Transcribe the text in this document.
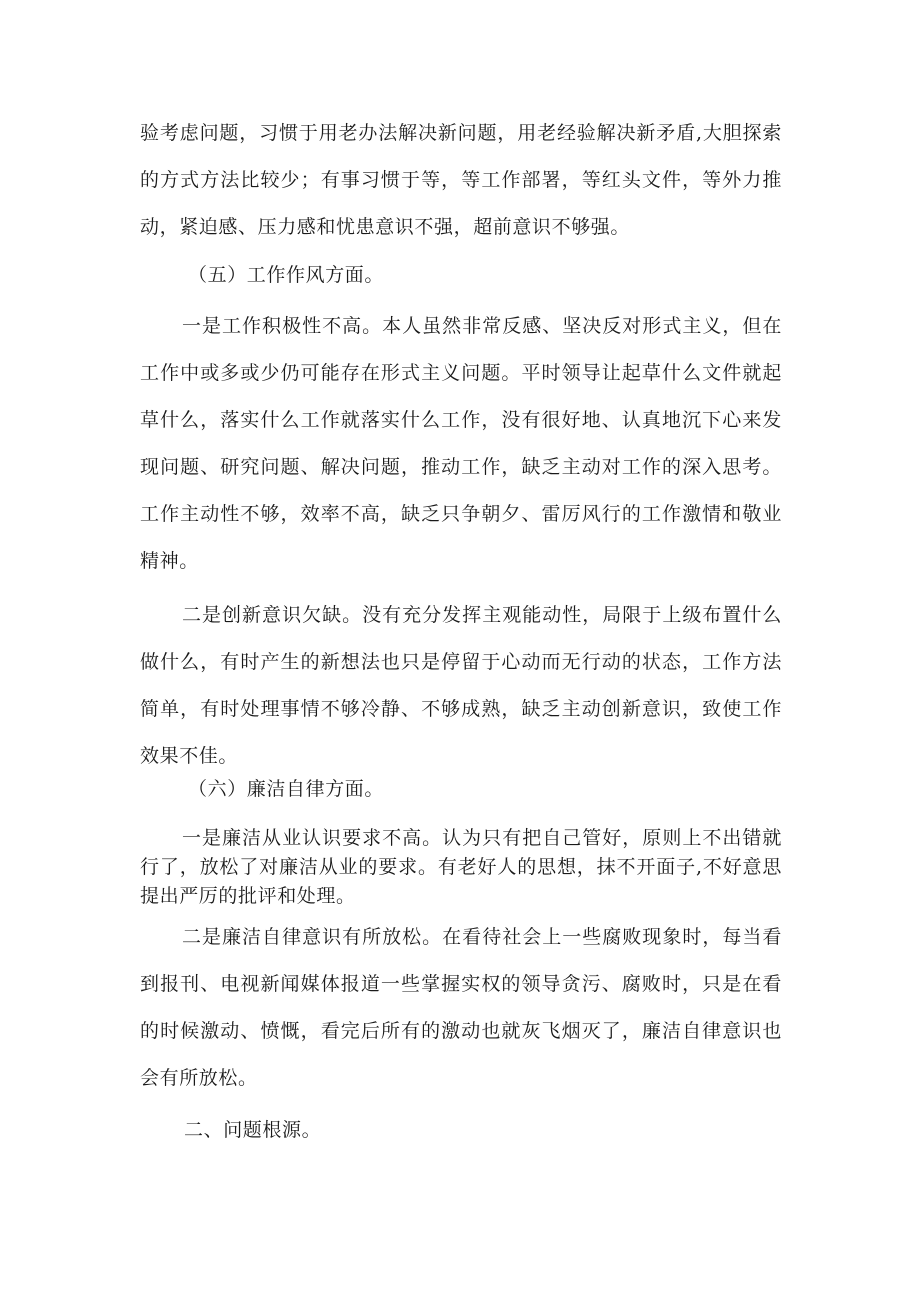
验考虑问题，习惯于用老办法解决新问题，用老经验解决新矛盾,大胆探索的方式方法比较少；有事习惯于等，等工作部署，等红头文件，等外力推动，紧迫感、压力感和忧患意识不强，超前意识不够强。

（五）工作作风方面。

一是工作积极性不高。本人虽然非常反感、坚决反对形式主义，但在工作中或多或少仍可能存在形式主义问题。平时领导让起草什么文件就起草什么，落实什么工作就落实什么工作，没有很好地、认真地沉下心来发现问题、研究问题、解决问题，推动工作，缺乏主动对工作的深入思考。工作主动性不够，效率不高，缺乏只争朝夕、雷厉风行的工作激情和敬业精神。

二是创新意识欠缺。没有充分发挥主观能动性，局限于上级布置什么做什么，有时产生的新想法也只是停留于心动而无行动的状态，工作方法简单，有时处理事情不够冷静、不够成熟，缺乏主动创新意识，致使工作效果不佳。

（六）廉洁自律方面。

一是廉洁从业认识要求不高。认为只有把自己管好，原则上不出错就行了，放松了对廉洁从业的要求。有老好人的思想，抹不开面子,不好意思提出严厉的批评和处理。

二是廉洁自律意识有所放松。在看待社会上一些腐败现象时，每当看到报刊、电视新闻媒体报道一些掌握实权的领导贪污、腐败时，只是在看的时候激动、愤慨，看完后所有的激动也就灰飞烟灭了，廉洁自律意识也会有所放松。

二、问题根源。
